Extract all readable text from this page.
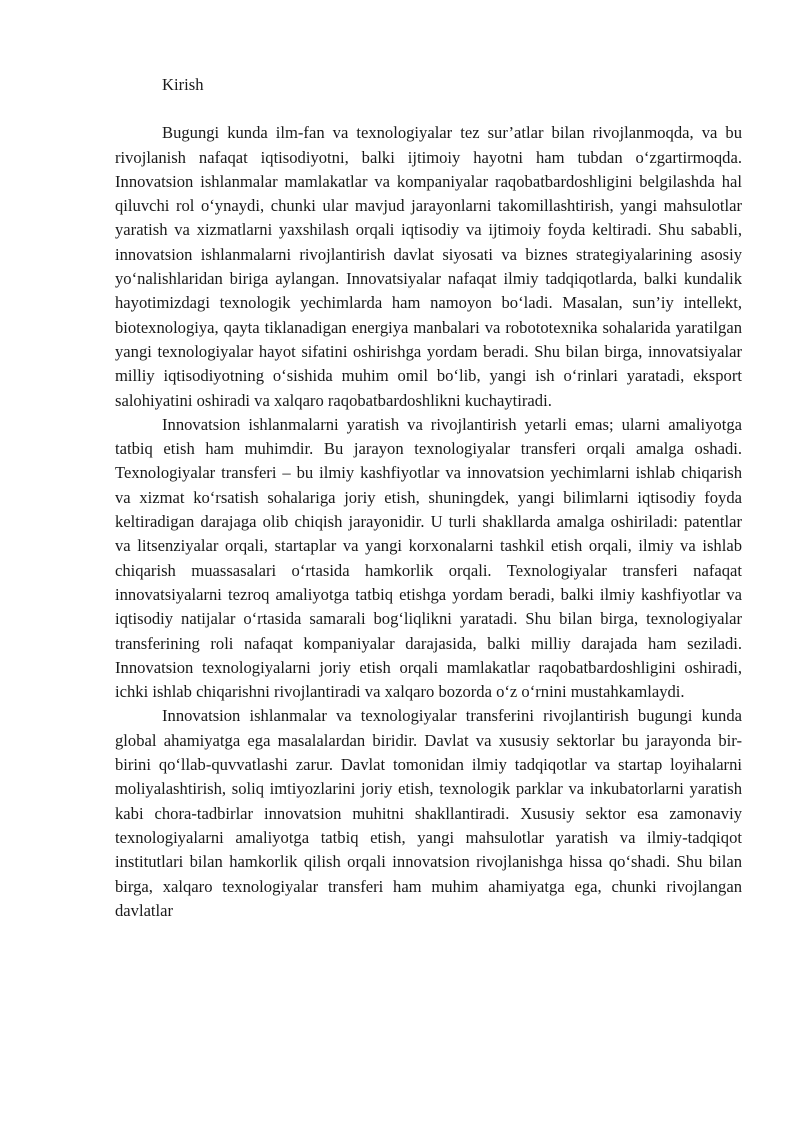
Kirish

Bugungi kunda ilm-fan va texnologiyalar tez sur’atlar bilan rivojlanmoqda, va bu rivojlanish nafaqat iqtisodiyotni, balki ijtimoiy hayotni ham tubdan o‘zgartirmoqda. Innovatsion ishlanmalar mamlakatlar va kompaniyalar raqobatbardoshligini belgilashda hal qiluvchi rol o‘ynaydi, chunki ular mavjud jarayonlarni takomillashtirish, yangi mahsulotlar yaratish va xizmatlarni yaxshilash orqali iqtisodiy va ijtimoiy foyda keltiradi. Shu sababli, innovatsion ishlanmalarni rivojlantirish davlat siyosati va biznes strategiyalarining asosiy yo‘nalishlaridan biriga aylangan. Innovatsiyalar nafaqat ilmiy tadqiqotlarda, balki kundalik hayotimizdagi texnologik yechimlarda ham namoyon bo‘ladi. Masalan, sun’iy intellekt, biotexnologiya, qayta tiklanadigan energiya manbalari va robototexnika sohalarida yaratilgan yangi texnologiyalar hayot sifatini oshirishga yordam beradi. Shu bilan birga, innovatsiyalar milliy iqtisodiyotning o‘sishida muhim omil bo‘lib, yangi ish o‘rinlari yaratadi, eksport salohiyatini oshiradi va xalqaro raqobatbardoshlikni kuchaytiradi.

Innovatsion ishlanmalarni yaratish va rivojlantirish yetarli emas; ularni amaliyotga tatbiq etish ham muhimdir. Bu jarayon texnologiyalar transferi orqali amalga oshadi. Texnologiyalar transferi – bu ilmiy kashfiyotlar va innovatsion yechimlarni ishlab chiqarish va xizmat ko‘rsatish sohalariga joriy etish, shuningdek, yangi bilimlarni iqtisodiy foyda keltiradigan darajaga olib chiqish jarayonidir. U turli shakllarda amalga oshiriladi: patentlar va litsenziyalar orqali, startaplar va yangi korxonalarni tashkil etish orqali, ilmiy va ishlab chiqarish muassasalari o‘rtasida hamkorlik orqali. Texnologiyalar transferi nafaqat innovatsiyalarni tezroq amaliyotga tatbiq etishga yordam beradi, balki ilmiy kashfiyotlar va iqtisodiy natijalar o‘rtasida samarali bog‘liqlikni yaratadi. Shu bilan birga, texnologiyalar transferining roli nafaqat kompaniyalar darajasida, balki milliy darajada ham seziladi. Innovatsion texnologiyalarni joriy etish orqali mamlakatlar raqobatbardoshligini oshiradi, ichki ishlab chiqarishni rivojlantiradi va xalqaro bozorda o‘z o‘rnini mustahkamlaydi.

Innovatsion ishlanmalar va texnologiyalar transferini rivojlantirish bugungi kunda global ahamiyatga ega masalalardan biridir. Davlat va xususiy sektorlar bu jarayonda bir-birini qo‘llab-quvvatlashi zarur. Davlat tomonidan ilmiy tadqiqotlar va startap loyihalarni moliyalashtirish, soliq imtiyozlarini joriy etish, texnologik parklar va inkubatorlarni yaratish kabi chora-tadbirlar innovatsion muhitni shakllantiradi. Xususiy sektor esa zamonaviy texnologiyalarni amaliyotga tatbiq etish, yangi mahsulotlar yaratish va ilmiy-tadqiqot institutlari bilan hamkorlik qilish orqali innovatsion rivojlanishga hissa qo‘shadi. Shu bilan birga, xalqaro texnologiyalar transferi ham muhim ahamiyatga ega, chunki rivojlangan davlatlar
